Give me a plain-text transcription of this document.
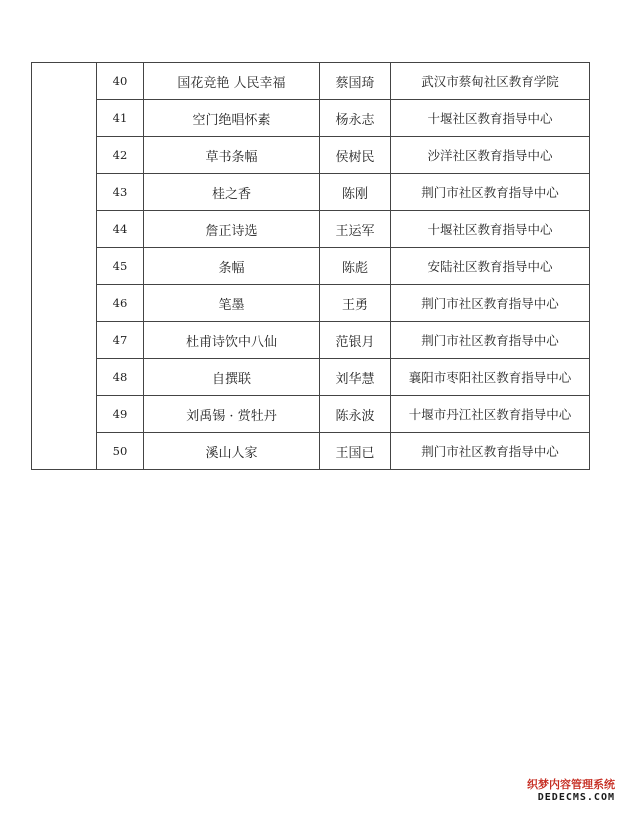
	40	国花竞艳 人民幸福	蔡国琦	武汉市蔡甸社区教育学院
	41	空门绝唱怀素	杨永志	十堰社区教育指导中心
	42	草书条幅	侯树民	沙洋社区教育指导中心
	43	桂之香	陈刚	荆门市社区教育指导中心
	44	詹正诗选	王运军	十堰社区教育指导中心
	45	条幅	陈彪	安陆社区教育指导中心
	46	笔墨	王勇	荆门市社区教育指导中心
	47	杜甫诗饮中八仙	范银月	荆门市社区教育指导中心
	48	自撰联	刘华慧	襄阳市枣阳社区教育指导中心
	49	刘禹锡 · 赏牡丹	陈永波	十堰市丹江社区教育指导中心
	50	溪山人家	王国已	荆门市社区教育指导中心
织梦内容管理系统
DEDECMS.COM
